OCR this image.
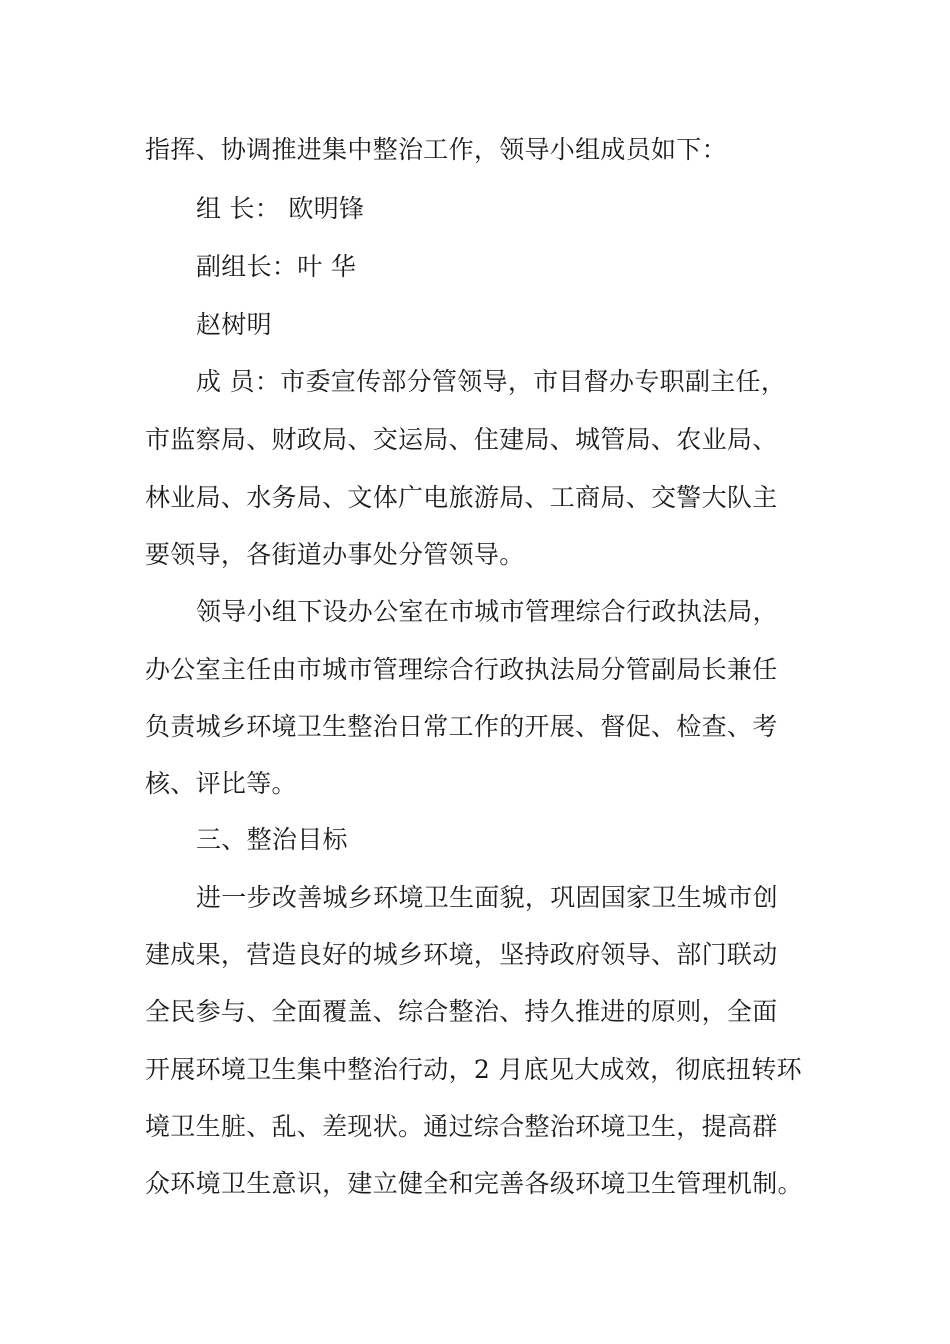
指挥、协调推进集中整治工作，领导小组成员如下：
组 长： 欧明锋
副组长：叶 华
赵树明
成 员：市委宣传部分管领导，市目督办专职副主任，
市监察局、财政局、交运局、住建局、城管局、农业局、
林业局、水务局、文体广电旅游局、工商局、交警大队主
要领导，各街道办事处分管领导。
领导小组下设办公室在市城市管理综合行政执法局，
办公室主任由市城市管理综合行政执法局分管副局长兼任
负责城乡环境卫生整治日常工作的开展、督促、检查、考
核、评比等。
三、整治目标
进一步改善城乡环境卫生面貌，巩固国家卫生城市创
建成果，营造良好的城乡环境，坚持政府领导、部门联动
全民参与、全面覆盖、综合整治、持久推进的原则，全面
开展环境卫生集中整治行动，2 月底见大成效，彻底扭转环
境卫生脏、乱、差现状。通过综合整治环境卫生，提高群
众环境卫生意识，建立健全和完善各级环境卫生管理机制。
